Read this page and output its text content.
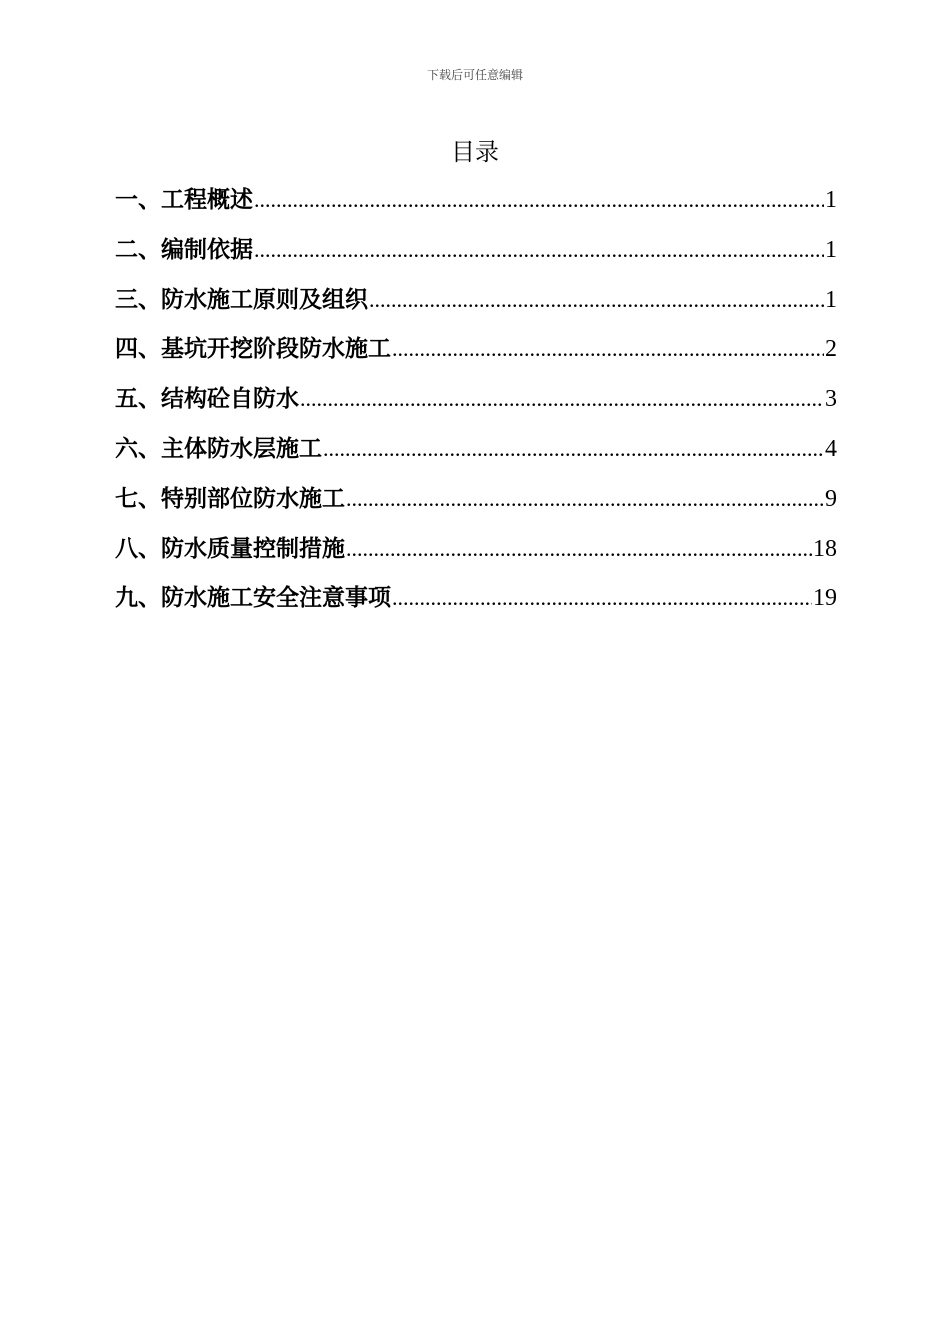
下载后可任意编辑
目录
一、工程概述 .....	1
二、编制依据 .....	1
三、防水施工原则及组织 .....	1
四、基坑开挖阶段防水施工 .....	2
五、结构砼自防水 .....	3
六、主体防水层施工 .....	4
七、特别部位防水施工 .....	9
八、防水质量控制措施 .....	18
九、防水施工安全注意事项 .....	19
